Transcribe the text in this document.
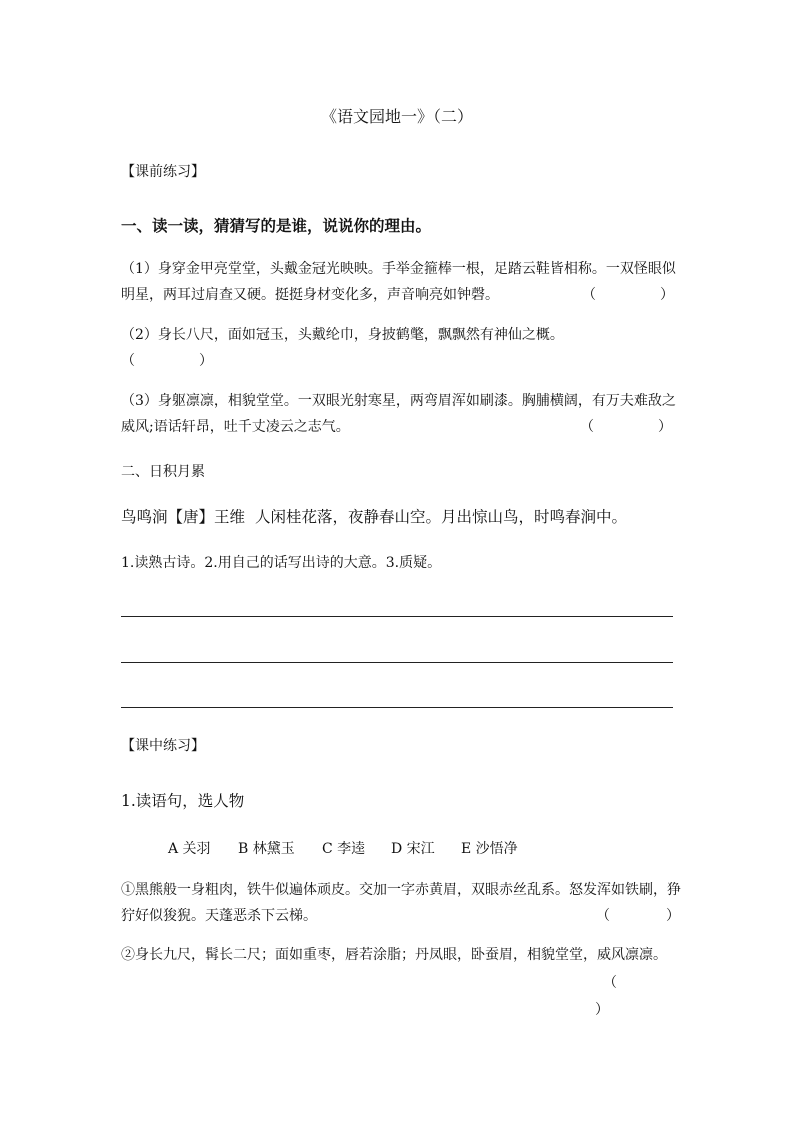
《语文园地一》（二）
【课前练习】
一、读一读，猜猜写的是谁，说说你的理由。
（1）身穿金甲亮堂堂，头戴金冠光映映。手举金箍棒一根，足踏云鞋皆相称。一双怪眼似
明星，两耳过肩查又硬。挺挺身材变化多，声音响亮如钟磬。	（	）
（2）身长八尺，面如冠玉，头戴纶巾，身披鹤氅，飘飘然有神仙之概。
（	）
（3）身躯凛凛，相貌堂堂。一双眼光射寒星，两弯眉浑如刷漆。胸脯横阔，有万夫难敌之
威风;语话轩昂，吐千丈凌云之志气。	（	）
二、日积月累
鸟鸣涧【唐】王维 人闲桂花落，夜静春山空。月出惊山鸟，时鸣春涧中。
1.读熟古诗。2.用自己的话写出诗的大意。3.质疑。
【课中练习】
1.读语句，选人物
A 关羽 B 林黛玉 C 李逵 D 宋江 E 沙悟净
①黑熊般一身粗肉，铁牛似遍体顽皮。交加一字赤黄眉，双眼赤丝乱系。怒发浑如铁刷，狰
狞好似狻猊。天蓬恶杀下云梯。	（	）
②身长九尺，髯长二尺；面如重枣，唇若涂脂；丹凤眼，卧蚕眉，相貌堂堂，威风凛凛。
（
）
